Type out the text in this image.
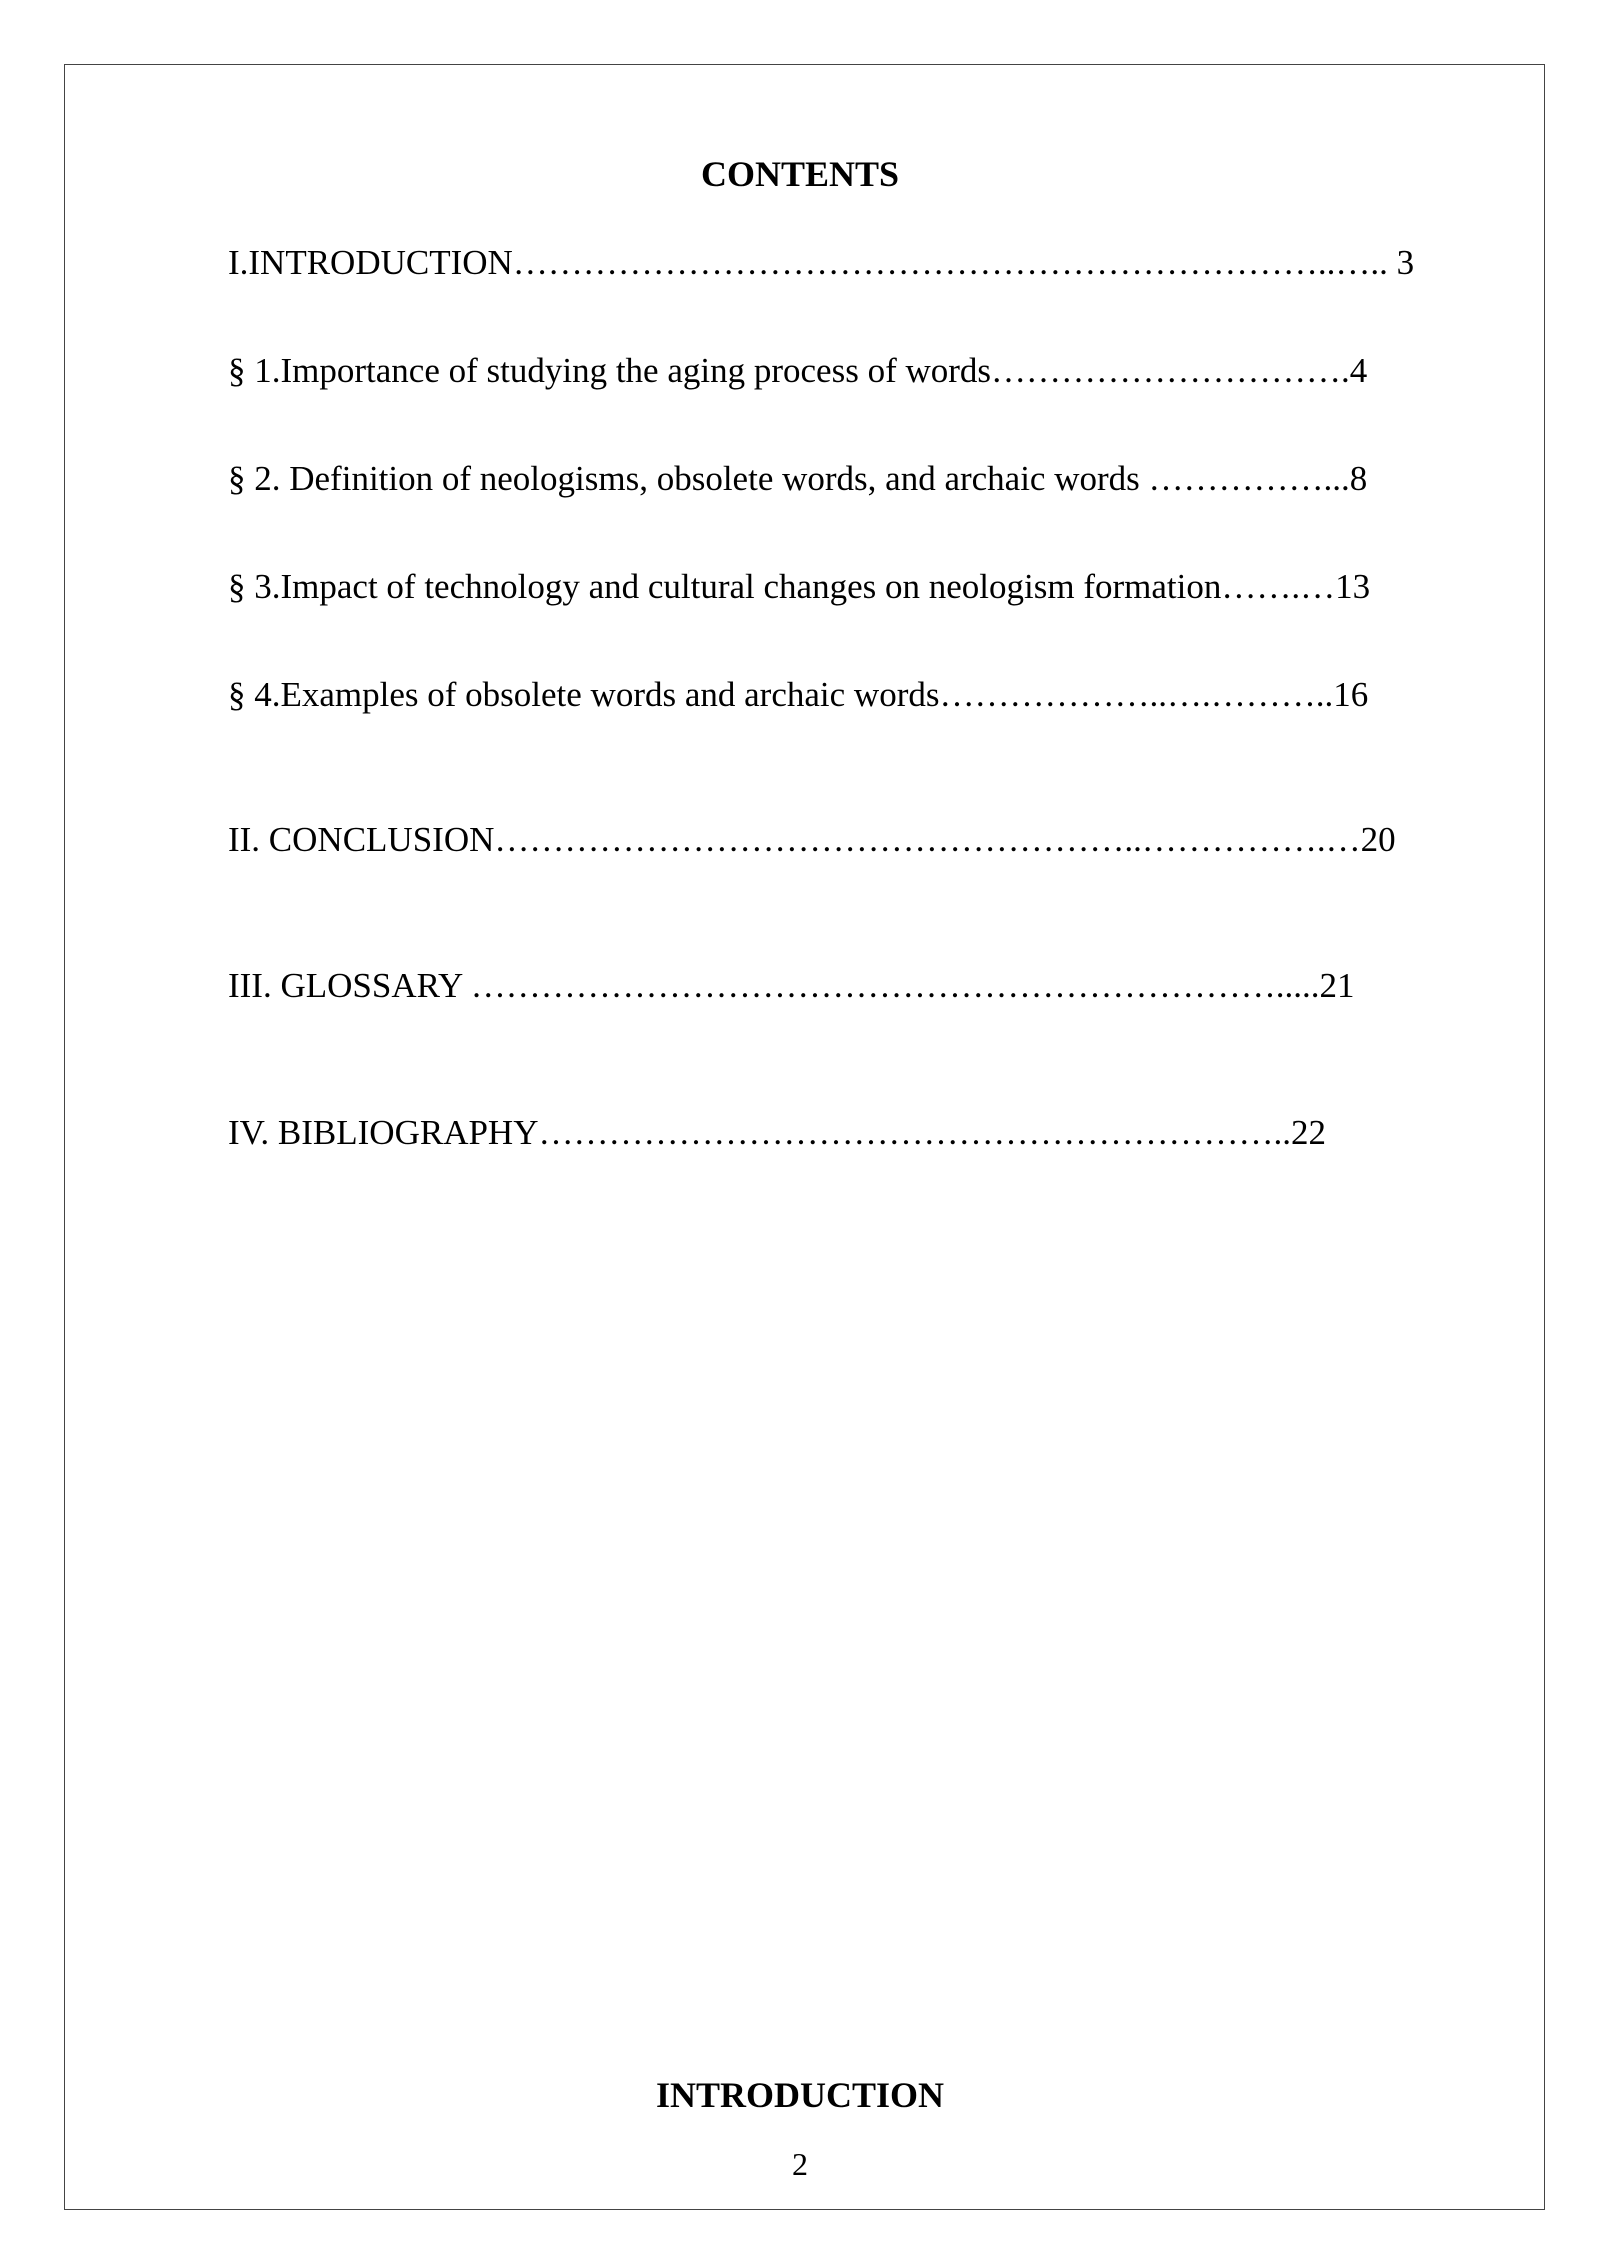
CONTENTS

I.INTRODUCTION……………………………………………………………..….. 3

§ 1.Importance of studying the aging process of words………………………….4

§ 2. Definition of neologisms, obsolete words, and archaic words ……………...8

§ 3.Impact of technology and cultural changes on neologism formation…….…13

§ 4.Examples of obsolete words and archaic words………………..….………..16

II. CONCLUSION………………………………………………..…………….…20

III. GLOSSARY …………………………………………………………….....21

IV. BIBLIOGRAPHY………………………………………………………..22

INTRODUCTION
2
